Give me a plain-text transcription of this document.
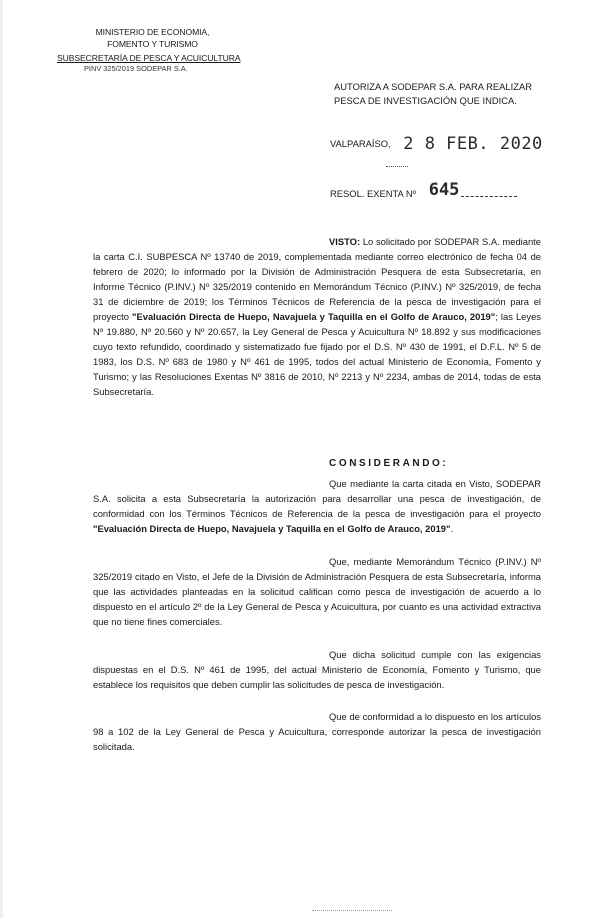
MINISTERIO DE ECONOMIA,
FOMENTO Y TURISMO
SUBSECRETARÍA DE PESCA Y ACUICULTURA
PINV 325/2019 SODEPAR S.A.
AUTORIZA A SODEPAR S.A. PARA REALIZAR PESCA DE INVESTIGACIÓN QUE INDICA.
VALPARAÍSO, 2 8 FEB. 2020
RESOL. EXENTA Nº 645

VISTO: Lo solicitado por SODEPAR S.A. mediante la carta C.I. SUBPESCA Nº 13740 de 2019, complementada mediante correo electrónico de fecha 04 de febrero de 2020; lo informado por la División de Administración Pesquera de esta Subsecretaría, en Informe Técnico (P.INV.) Nº 325/2019 contenido en Memorándum Técnico (P.INV.) Nº 325/2019, de fecha 31 de diciembre de 2019; los Términos Técnicos de Referencia de la pesca de investigación para el proyecto "Evaluación Directa de Huepo, Navajuela y Taquilla en el Golfo de Arauco, 2019"; las Leyes Nº 19.880, Nº 20.560 y Nº 20.657, la Ley General de Pesca y Acuicultura Nº 18.892 y sus modificaciones cuyo texto refundido, coordinado y sistematizado fue fijado por el D.S. Nº 430 de 1991, el D.F.L. Nº 5 de 1983, los D.S. Nº 683 de 1980 y Nº 461 de 1995, todos del actual Ministerio de Economía, Fomento y Turismo; y las Resoluciones Exentas Nº 3816 de 2010, Nº 2213 y Nº 2234, ambas de 2014, todas de esta Subsecretaría.

CONSIDERANDO:

Que mediante la carta citada en Visto, SODEPAR S.A. solicita a esta Subsecretaría la autorización para desarrollar una pesca de investigación, de conformidad con los Términos Técnicos de Referencia de la pesca de investigación para el proyecto "Evaluación Directa de Huepo, Navajuela y Taquilla en el Golfo de Arauco, 2019".

Que, mediante Memorándum Técnico (P.INV.) Nº 325/2019 citado en Visto, el Jefe de la División de Administración Pesquera de esta Subsecretaría, informa que las actividades planteadas en la solicitud califican como pesca de investigación de acuerdo a lo dispuesto en el artículo 2º de la Ley General de Pesca y Acuicultura, por cuanto es una actividad extractiva que no tiene fines comerciales.

Que dicha solicitud cumple con las exigencias dispuestas en el D.S. Nº 461 de 1995, del actual Ministerio de Economía, Fomento y Turismo, que establece los requisitos que deben cumplir las solicitudes de pesca de investigación.

Que de conformidad a lo dispuesto en los artículos 98 a 102 de la Ley General de Pesca y Acuicultura, corresponde autorizar la pesca de investigación solicitada.
